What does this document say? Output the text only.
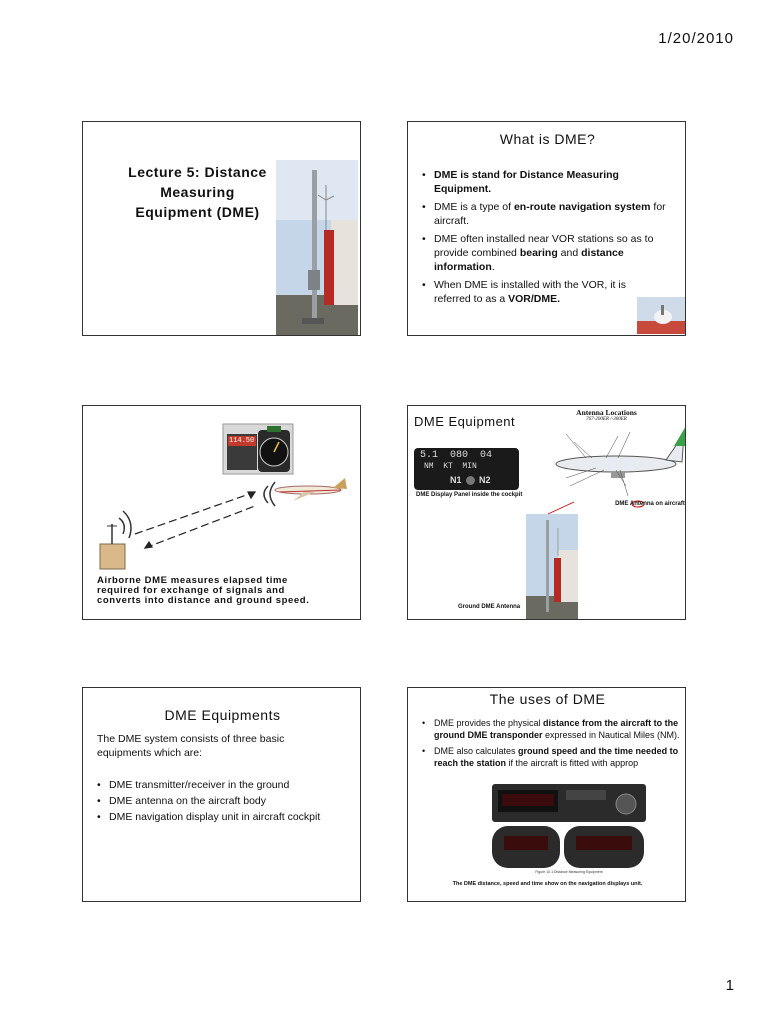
1/20/2010
Lecture 5: Distance
Measuring
Equipment (DME)
What is DME?
• DME is stand for Distance Measuring Equipment.
• DME is a type of en-route navigation system for aircraft.
• DME often installed near VOR stations so as to provide combined bearing and distance information.
• When DME is installed with the VOR, it is referred to as a VOR/DME.
Airborne DME measures elapsed time
required for exchange of signals and
converts into distance and ground speed.
114.50
DME Equipment
5.1  080  04
NM  KT  MIN
N1 N2
DME Display Panel inside the cockpit
Antenna Locations
767-200ER /-300ER
DME Antenna on aircraft
Ground DME Antenna
DME Equipments
The DME system consists of three basic equipments which are:
• DME transmitter/receiver in the ground
• DME antenna on the aircraft body
• DME navigation display unit in aircraft cockpit
The uses of DME
• DME provides the physical distance from the aircraft to the ground DME transponder expressed in Nautical Miles (NM).
• DME also calculates ground speed and the time needed to reach the station if the aircraft is fitted with approp
Figure 10.1 Distance Measuring Equipment
The DME distance, speed and time show on the navigation displays unit.
1
